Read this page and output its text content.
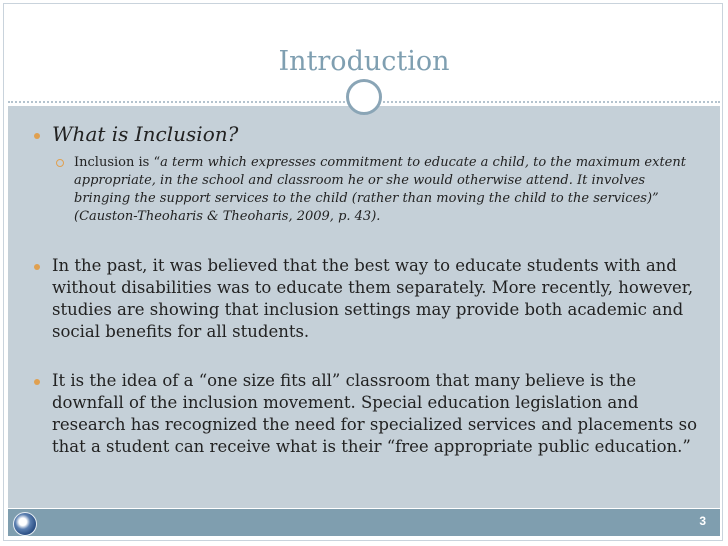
Introduction
What is Inclusion?
Inclusion is “a term which expresses commitment to educate a child, to the maximum extent appropriate, in the school and classroom he or she would otherwise attend. It involves bringing the support services to the child (rather than moving the child to the services)” (Causton-Theoharis & Theoharis, 2009, p. 43).
In the past, it was believed that the best way to educate students with and without disabilities was to educate them separately. More recently, however, studies are showing that inclusion settings may provide both academic and social benefits for all students.
It is the idea of a “one size fits all” classroom that many believe is the downfall of the inclusion movement. Special education legislation and research has recognized the need for specialized services and placements so that a student can receive what is their “free appropriate public education.”
3
